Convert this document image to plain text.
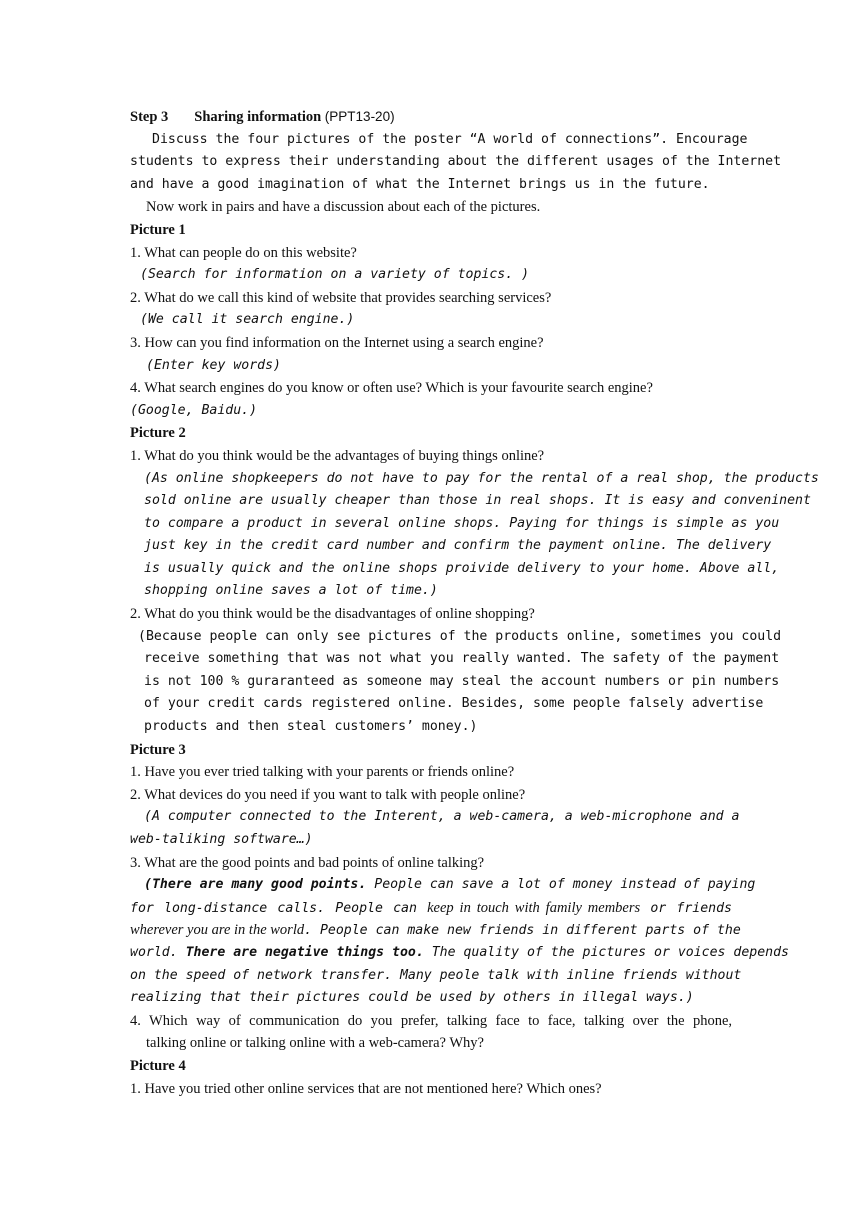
Step 3 Sharing information (PPT13-20)
Discuss the four pictures of the poster “A world of connections”. Encourage
students to express their understanding about the different usages of the Internet
and have a good imagination of what the Internet brings us in the future.
Now work in pairs and have a discussion about each of the pictures.
Picture 1
1. What can people do on this website?
(Search for information on a variety of topics. )
2. What do we call this kind of website that provides searching services?
(We call it search engine.)
3. How can you find information on the Internet using a search engine?
(Enter key words)
4. What search engines do you know or often use? Which is your favourite search engine?
(Google, Baidu.)
Picture 2
1. What do you think would be the advantages of buying things online?
(As online shopkeepers do not have to pay for the rental of a real shop, the products
sold online are usually cheaper than those in real shops. It is easy and conveninent
to compare a product in several online shops. Paying for things is simple as you
just key in the credit card number and confirm the payment online. The delivery
is usually quick and the online shops proivide delivery to your home. Above all,
shopping online saves a lot of time.)
2. What do you think would be the disadvantages of online shopping?
(Because people can only see pictures of the products online, sometimes you could
receive something that was not what you really wanted. The safety of the payment
is not 100 % guraranteed as someone may steal the account numbers or pin numbers
of your credit cards registered online. Besides, some people falsely advertise
products and then steal customers’ money.)
Picture 3
1. Have you ever tried talking with your parents or friends online?
2. What devices do you need if you want to talk with people online?
(A computer connected to the Interent, a web-camera, a web-microphone and a
web-taliking software…)
3. What are the good points and bad points of online talking?
(There are many good points. People can save a lot of money instead of paying
for long-distance calls. People can keep in touch with family members or friends
wherever you are in the world. People can make new friends in different parts of the
world. There are negative things too. The quality of the pictures or voices depends
on the speed of network transfer. Many peole talk with inline friends without
realizing that their pictures could be used by others in illegal ways.)
4. Which way of communication do you prefer, talking face to face, talking over the phone,
talking online or talking online with a web-camera? Why?
Picture 4
1. Have you tried other online services that are not mentioned here? Which ones?
